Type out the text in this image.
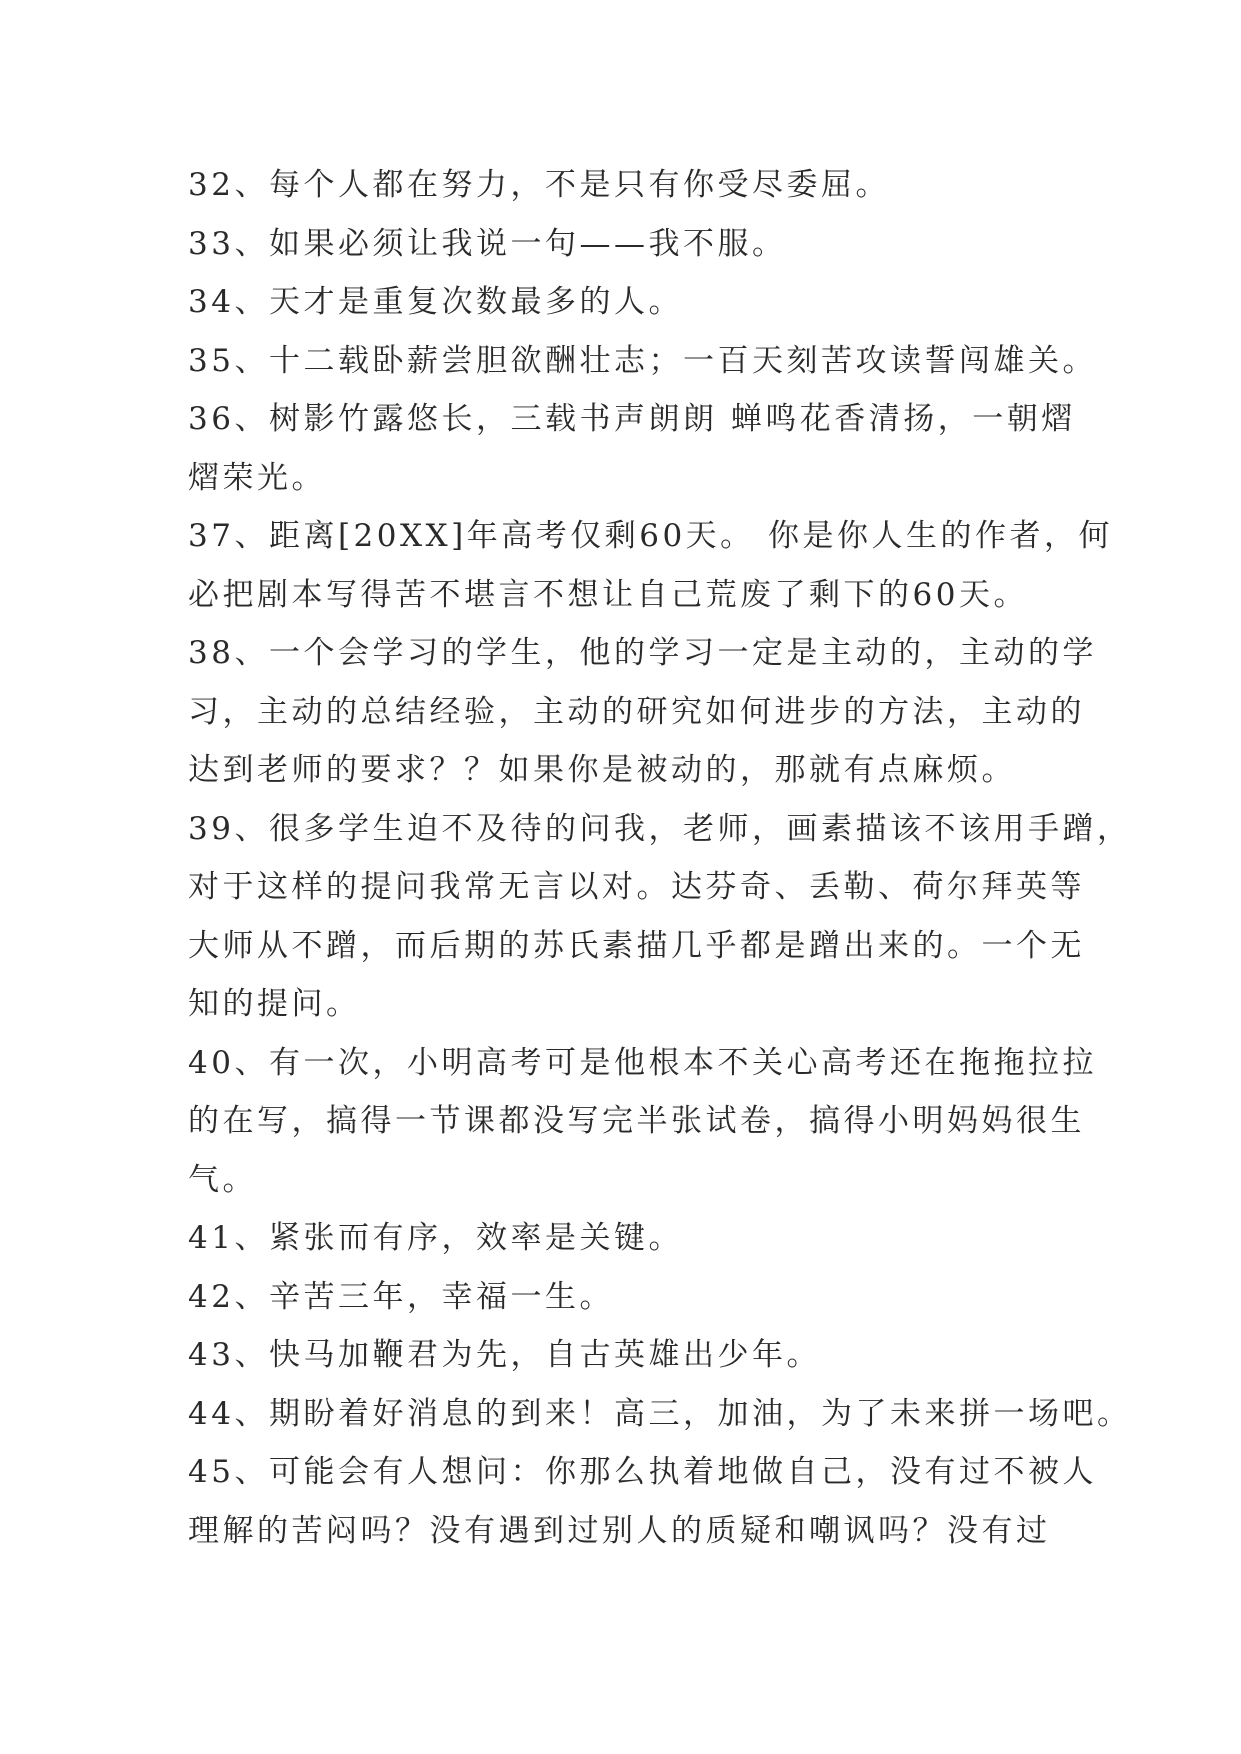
32、每个人都在努力，不是只有你受尽委屈。
33、如果必须让我说一句——我不服。
34、天才是重复次数最多的人。
35、十二载卧薪尝胆欲酬壮志；一百天刻苦攻读誓闯雄关。
36、树影竹露悠长，三载书声朗朗 蝉鸣花香清扬，一朝熠
熠荣光。
37、距离[20XX]年高考仅剩60天。 你是你人生的作者，何
必把剧本写得苦不堪言不想让自己荒废了剩下的60天。
38、一个会学习的学生，他的学习一定是主动的，主动的学
习，主动的总结经验，主动的研究如何进步的方法，主动的
达到老师的要求？？如果你是被动的，那就有点麻烦。
39、很多学生迫不及待的问我，老师，画素描该不该用手蹭，
对于这样的提问我常无言以对。达芬奇、丢勒、荷尔拜英等
大师从不蹭，而后期的苏氏素描几乎都是蹭出来的。一个无
知的提问。
40、有一次，小明高考可是他根本不关心高考还在拖拖拉拉
的在写，搞得一节课都没写完半张试卷，搞得小明妈妈很生
气。
41、紧张而有序，效率是关键。
42、辛苦三年，幸福一生。
43、快马加鞭君为先，自古英雄出少年。
44、期盼着好消息的到来！高三，加油，为了未来拼一场吧。
45、可能会有人想问：你那么执着地做自己，没有过不被人
理解的苦闷吗？没有遇到过别人的质疑和嘲讽吗？没有过
